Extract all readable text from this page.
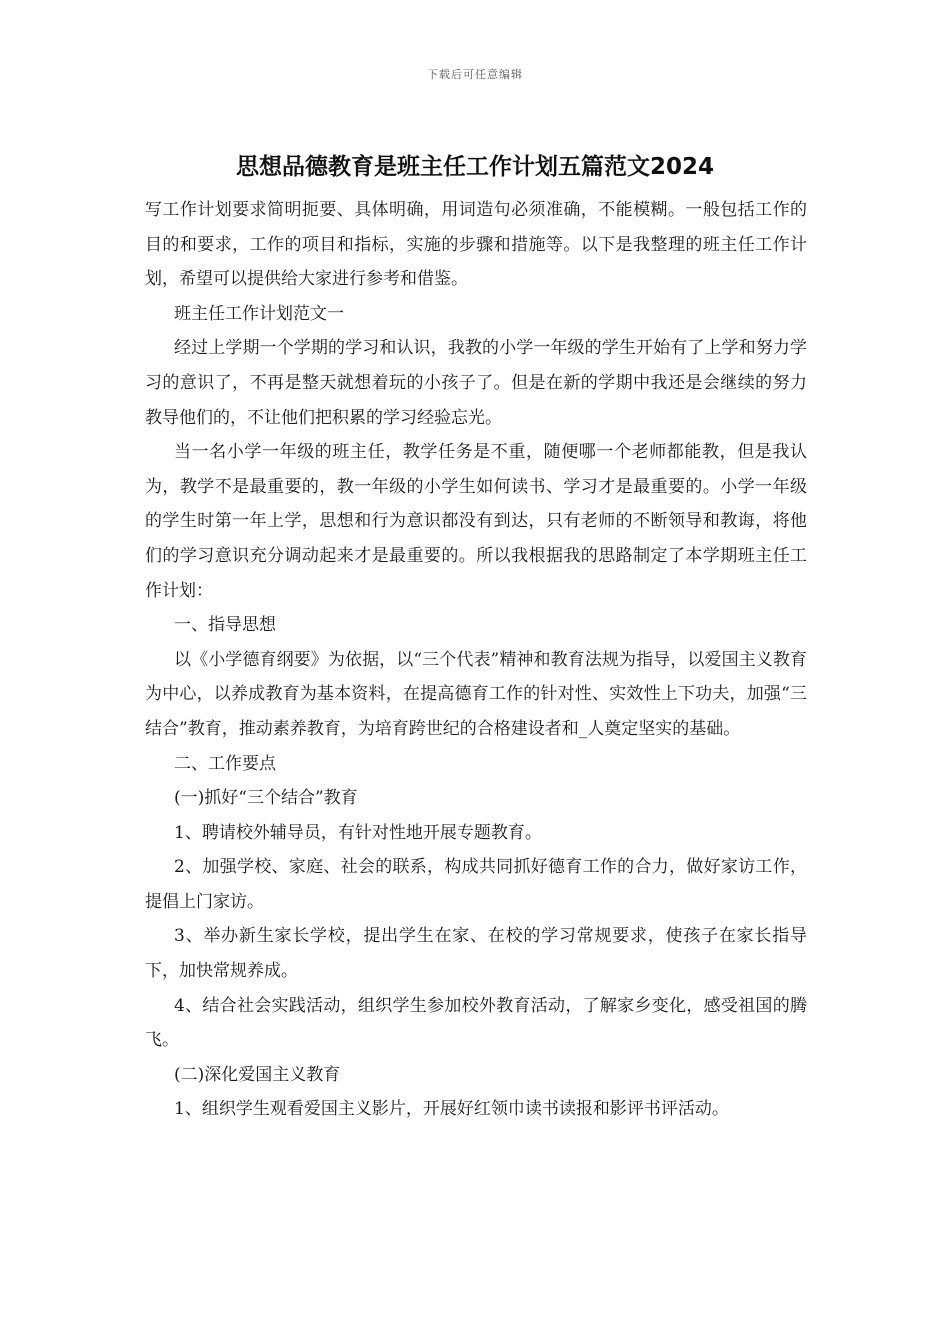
下载后可任意编辑
思想品德教育是班主任工作计划五篇范文2024

写工作计划要求简明扼要、具体明确，用词造句必须准确，不能模糊。一般包括工作的目的和要求，工作的项目和指标，实施的步骤和措施等。以下是我整理的班主任工作计划，希望可以提供给大家进行参考和借鉴。

班主任工作计划范文一

经过上学期一个学期的学习和认识，我教的小学一年级的学生开始有了上学和努力学习的意识了，不再是整天就想着玩的小孩子了。但是在新的学期中我还是会继续的努力教导他们的，不让他们把积累的学习经验忘光。

当一名小学一年级的班主任，教学任务是不重，随便哪一个老师都能教，但是我认为，教学不是最重要的，教一年级的小学生如何读书、学习才是最重要的。小学一年级的学生时第一年上学，思想和行为意识都没有到达，只有老师的不断领导和教诲，将他们的学习意识充分调动起来才是最重要的。所以我根据我的思路制定了本学期班主任工作计划：

一、指导思想

以《小学德育纲要》为依据，以“三个代表”精神和教育法规为指导，以爱国主义教育为中心，以养成教育为基本资料，在提高德育工作的针对性、实效性上下功夫，加强“三结合”教育，推动素养教育，为培育跨世纪的合格建设者和_人奠定坚实的基础。

二、工作要点

(一)抓好“三个结合”教育

1、聘请校外辅导员，有针对性地开展专题教育。

2、加强学校、家庭、社会的联系，构成共同抓好德育工作的合力，做好家访工作，提倡上门家访。

3、举办新生家长学校，提出学生在家、在校的学习常规要求，使孩子在家长指导下，加快常规养成。

4、结合社会实践活动，组织学生参加校外教育活动，了解家乡变化，感受祖国的腾飞。

(二)深化爱国主义教育

1、组织学生观看爱国主义影片，开展好红领巾读书读报和影评书评活动。
